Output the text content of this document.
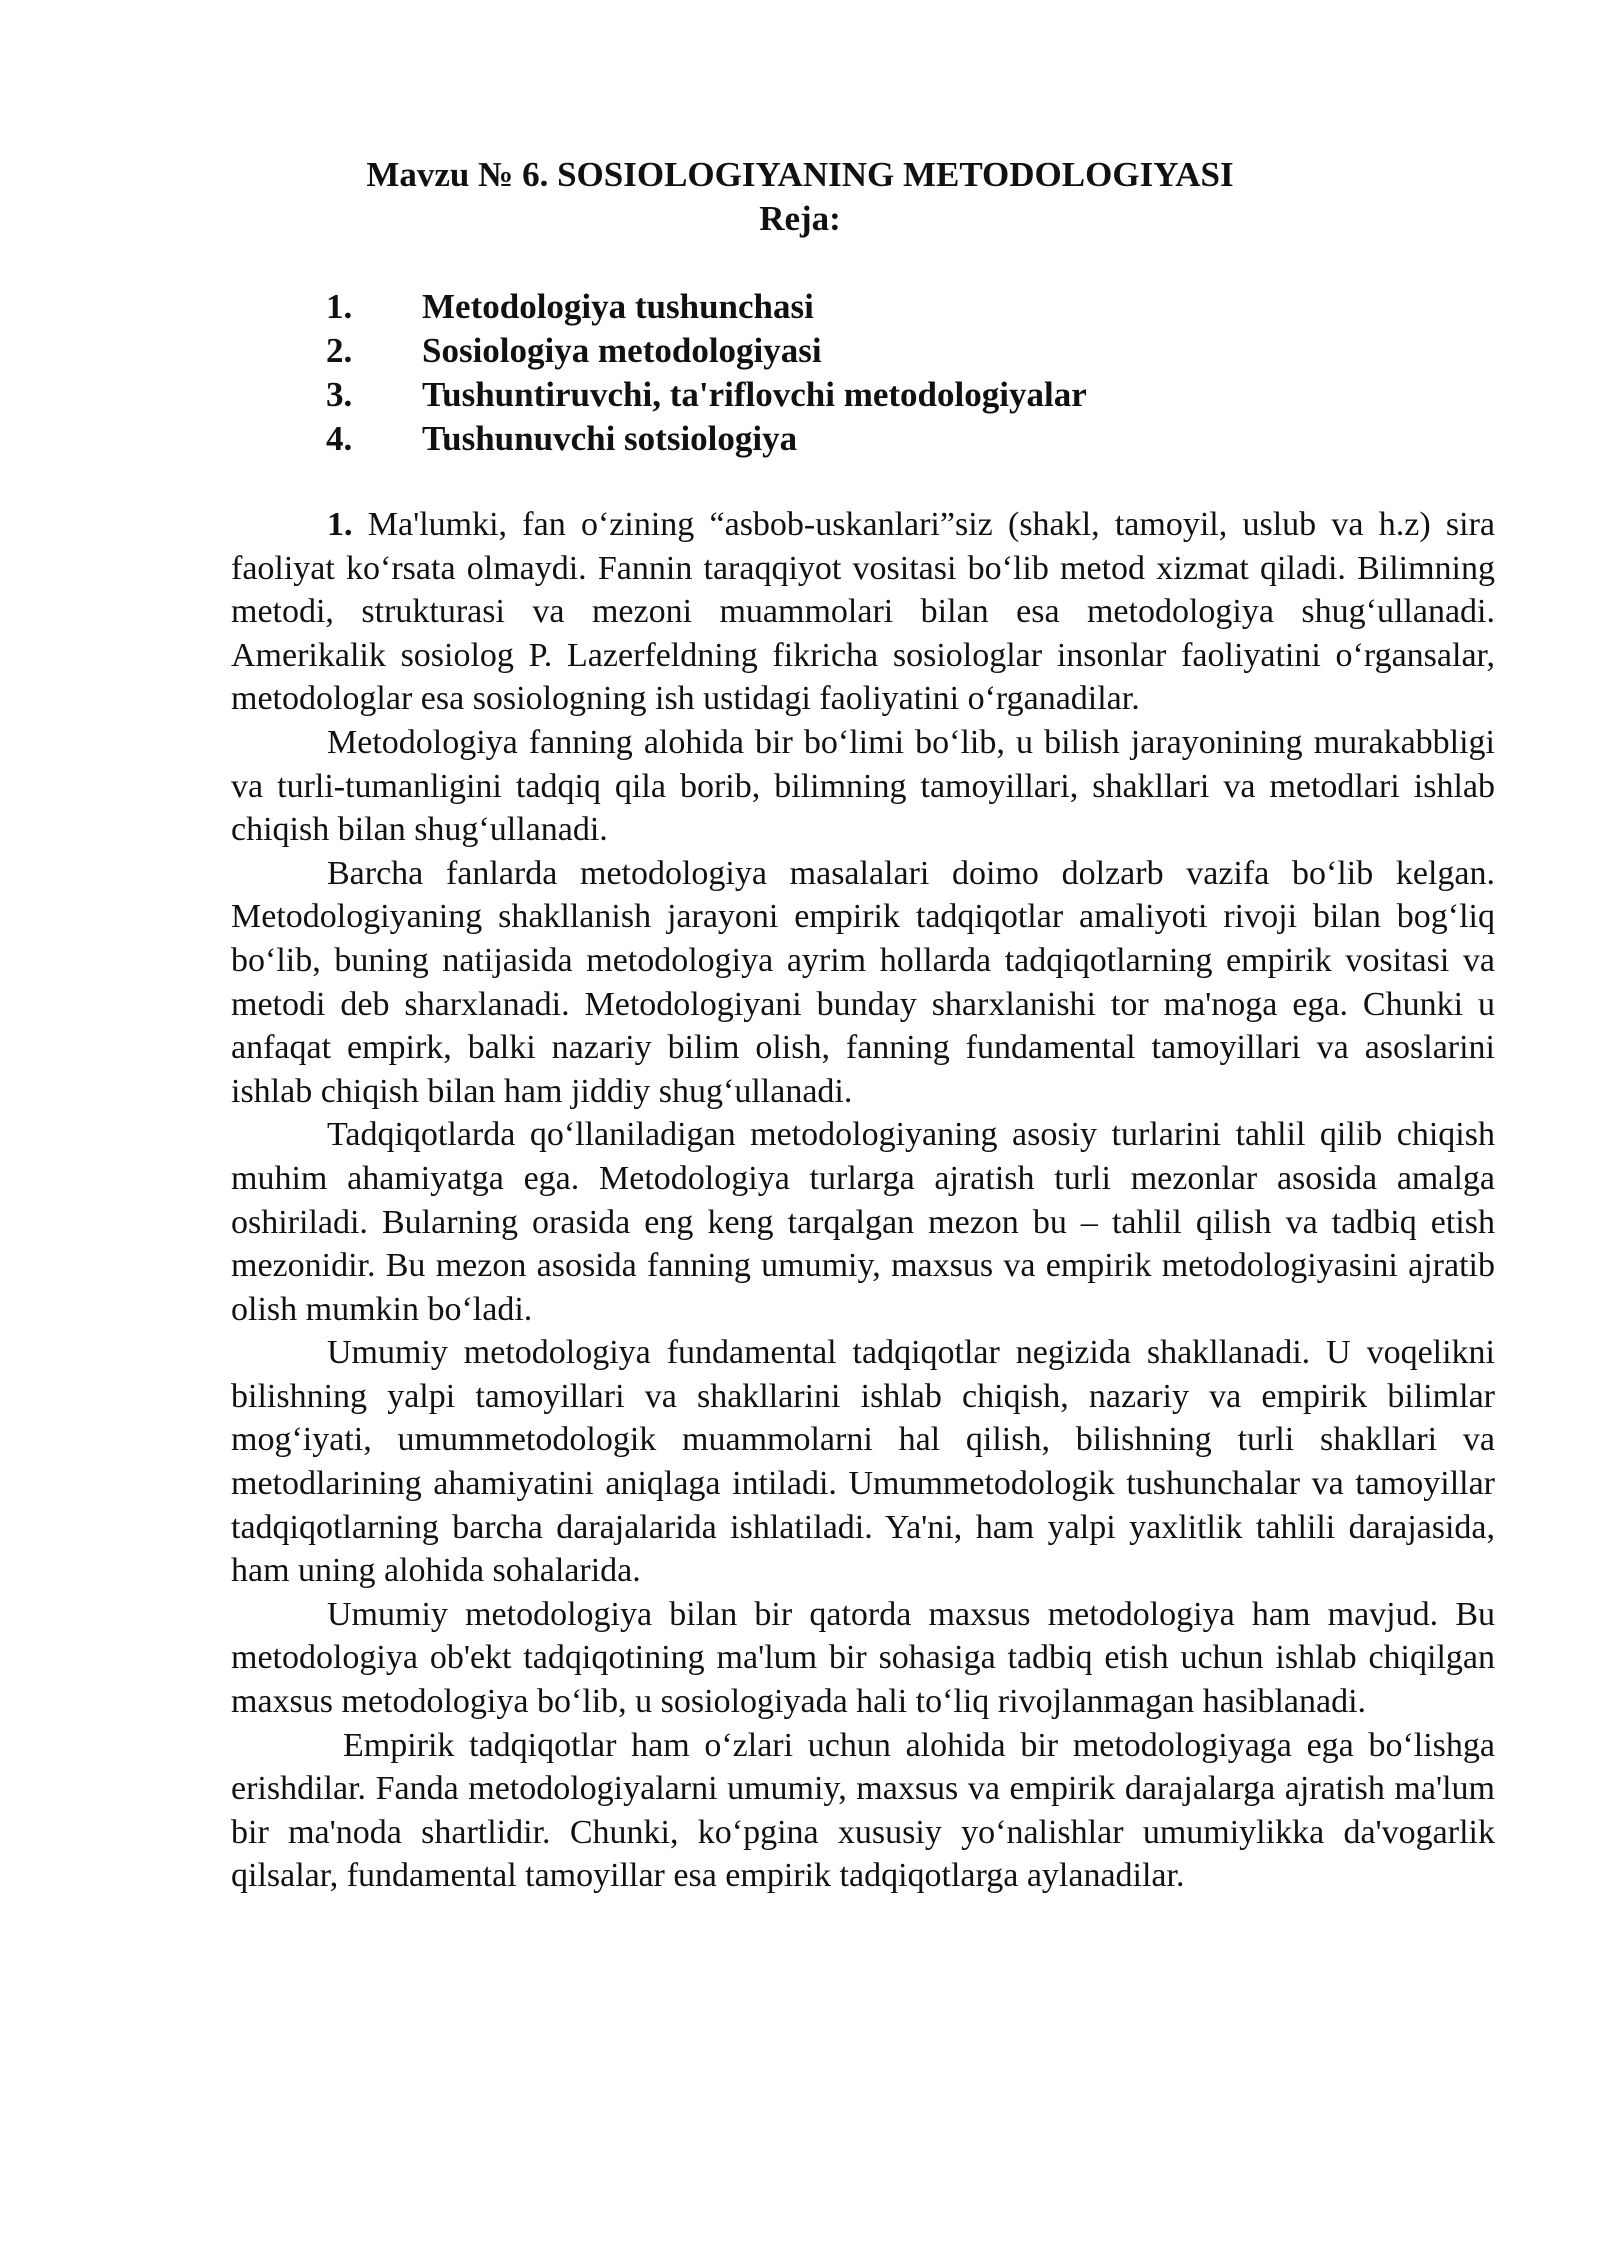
Mavzu № 6. SOSIOLOGIYANING METODOLOGIYASI
Reja:
1. Metodologiya tushunchasi
2. Sosiologiya metodologiyasi
3. Tushuntiruvchi, ta'riflovchi metodologiyalar
4. Tushunuvchi sotsiologiya

1. Ma'lumki, fan o‘zining “asbob-uskanlari”siz (shakl, tamoyil, uslub va h.z) sira faoliyat ko‘rsata olmaydi. Fannin taraqqiyot vositasi bo‘lib metod xizmat qiladi. Bilimning metodi, strukturasi va mezoni muammolari bilan esa metodologiya shug‘ullanadi. Amerikalik sosiolog P. Lazerfeldning fikricha sosiologlar insonlar faoliyatini o‘rgansalar, metodologlar esa sosiologning ish ustidagi faoliyatini o‘rganadilar.

Metodologiya fanning alohida bir bo‘limi bo‘lib, u bilish jarayonining murakabbligi va turli-tumanligini tadqiq qila borib, bilimning tamoyillari, shakllari va metodlari ishlab chiqish bilan shug‘ullanadi.

Barcha fanlarda metodologiya masalalari doimo dolzarb vazifa bo‘lib kelgan. Metodologiyaning shakllanish jarayoni empirik tadqiqotlar amaliyoti rivoji bilan bog‘liq bo‘lib, buning natijasida metodologiya ayrim hollarda tadqiqotlarning empirik vositasi va metodi deb sharxlanadi. Metodologiyani bunday sharxlanishi tor ma'noga ega. Chunki u anfaqat empirk, balki nazariy bilim olish, fanning fundamental tamoyillari va asoslarini ishlab chiqish bilan ham jiddiy shug‘ullanadi.

Tadqiqotlarda qo‘llaniladigan metodologiyaning asosiy turlarini tahlil qilib chiqish muhim ahamiyatga ega. Metodologiya turlarga ajratish turli mezonlar asosida amalga oshiriladi. Bularning orasida eng keng tarqalgan mezon bu – tahlil qilish va tadbiq etish mezonidir. Bu mezon asosida fanning umumiy, maxsus va empirik metodologiyasini ajratib olish mumkin bo‘ladi.

Umumiy metodologiya fundamental tadqiqotlar negizida shakllanadi. U voqelikni bilishning yalpi tamoyillari va shakllarini ishlab chiqish, nazariy va empirik bilimlar mog‘iyati, umummetodologik muammolarni hal qilish, bilishning turli shakllari va metodlarining ahamiyatini aniqlaga intiladi. Umummetodologik tushunchalar va tamoyillar tadqiqotlarning barcha darajalarida ishlatiladi. Ya'ni, ham yalpi yaxlitlik tahlili darajasida, ham uning alohida sohalarida.

Umumiy metodologiya bilan bir qatorda maxsus metodologiya ham mavjud. Bu metodologiya ob'ekt tadqiqotining ma'lum bir sohasiga tadbiq etish uchun ishlab chiqilgan maxsus metodologiya bo‘lib, u sosiologiyada hali to‘liq rivojlanmagan hasiblanadi.

Empirik tadqiqotlar ham o‘zlari uchun alohida bir metodologiyaga ega bo‘lishga erishdilar. Fanda metodologiyalarni umumiy, maxsus va empirik darajalarga ajratish ma'lum bir ma'noda shartlidir. Chunki, ko‘pgina xususiy yo‘nalishlar umumiylikka da'vogarlik qilsalar, fundamental tamoyillar esa empirik tadqiqotlarga aylanadilar.
